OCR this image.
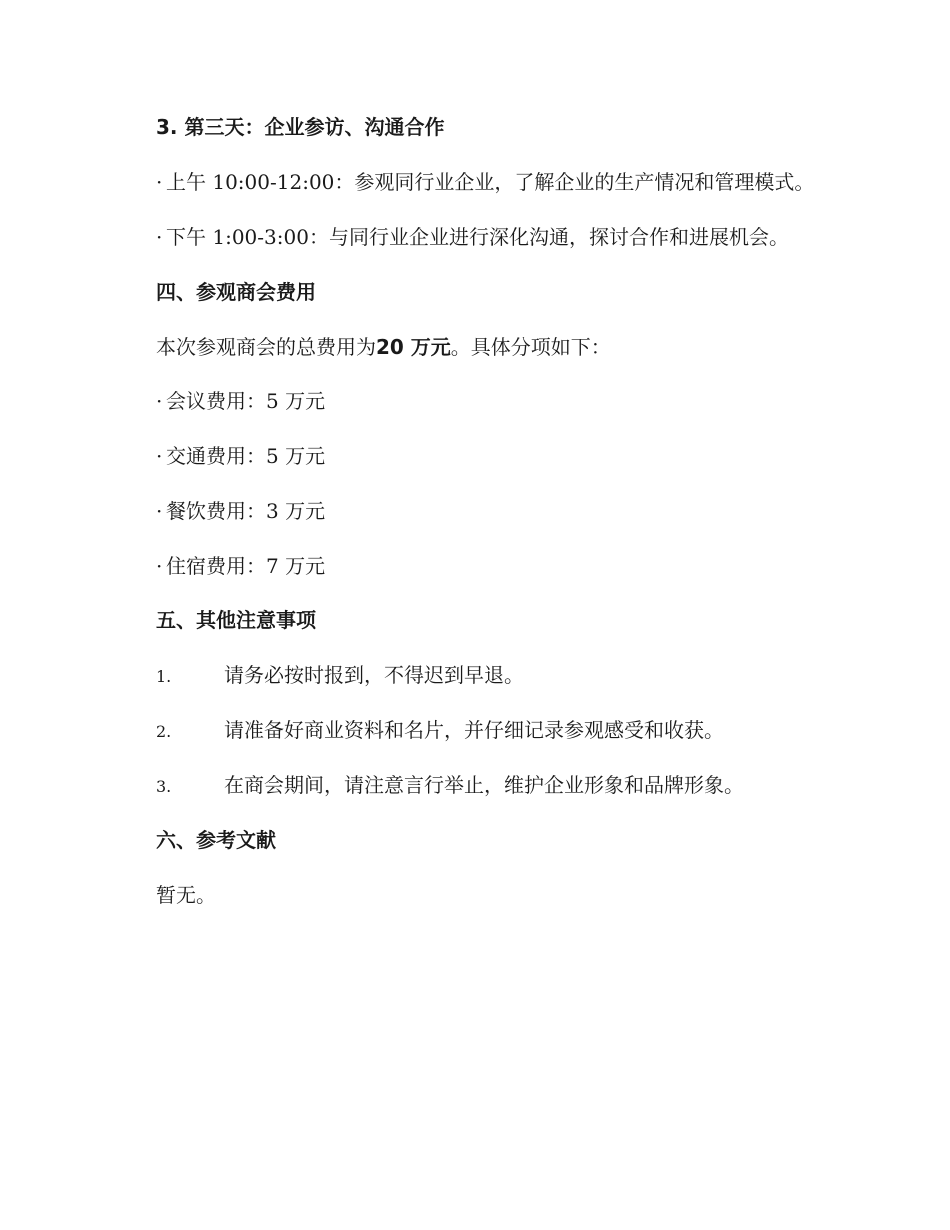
3. 第三天：企业参访、沟通合作
· 上午 10:00-12:00：参观同行业企业，了解企业的生产情况和管理模式。
· 下午 1:00-3:00：与同行业企业进行深化沟通，探讨合作和进展机会。
四、参观商会费用
本次参观商会的总费用为20 万元。具体分项如下：
· 会议费用：5 万元
· 交通费用：5 万元
· 餐饮费用：3 万元
· 住宿费用：7 万元
五、其他注意事项
1.	请务必按时报到，不得迟到早退。
2.	请准备好商业资料和名片，并仔细记录参观感受和收获。
3.	在商会期间，请注意言行举止，维护企业形象和品牌形象。
六、参考文献
暂无。
